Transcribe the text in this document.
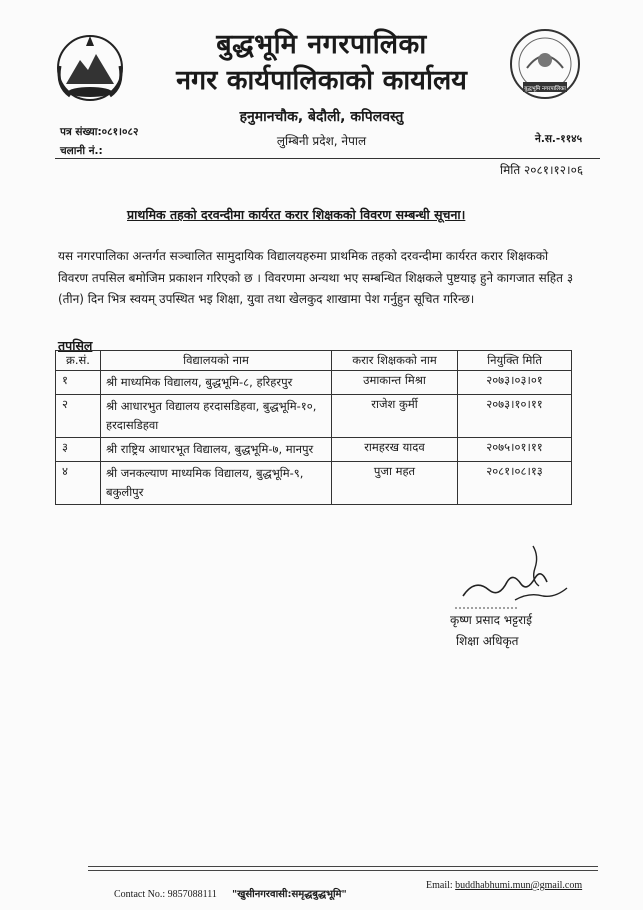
बुद्धभूमि नगरपालिका
नगर कार्यपालिकाको कार्यालय	बुद्धभूमि नगरपालिका
हनुमानचौक, बेदौली, कपिलवस्तु
लुम्बिनी प्रदेश, नेपाल
पत्र संख्या:०८१।०८२
चलानी नं.:
ने.स.-११४५
मिति २०८१।१२।०६
प्राथमिक तहको दरवन्दीमा कार्यरत करार शिक्षकको विवरण सम्बन्धी सूचना।
यस नगरपालिका अन्तर्गत सञ्चालित सामुदायिक विद्यालयहरुमा प्राथमिक तहको दरवन्दीमा कार्यरत करार शिक्षकको विवरण तपसिल बमोजिम प्रकाशन गरिएको छ । विवरणमा अन्यथा भए सम्बन्धित शिक्षकले पुष्टयाइ हुने कागजात सहित ३ (तीन) दिन भित्र स्वयम् उपस्थित भइ शिक्षा, युवा तथा खेलकुद शाखामा पेश गर्नुहुन सूचित गरिन्छ।
तपसिल
क्र.सं.	विद्यालयको नाम	करार शिक्षकको नाम	नियुक्ति मिति
१	श्री माध्यमिक विद्यालय, बुद्धभूमि-८, हरिहरपुर	उमाकान्त मिश्रा	२०७३।०३।०१
२	श्री आधारभुत विद्यालय हरदासडिहवा, बुद्धभूमि-१०, हरदासडिहवा	राजेश कुर्मी	२०७३।१०।११
३	श्री राष्ट्रिय आधारभूत विद्यालय, बुद्धभूमि-७, मानपुर	रामहरख यादव	२०७५।०१।११
४	श्री जनकल्याण माध्यमिक विद्यालय, बुद्धभूमि-९, बकुलीपुर	पुजा महत	२०८१।०८।१३
कृष्ण प्रसाद भट्टराई
शिक्षा अधिकृत
Contact No.: 9857088111 "खुसीनगरवासी:समृद्धबुद्धभूमि"
Email: buddhabhumi.mun@gmail.com
